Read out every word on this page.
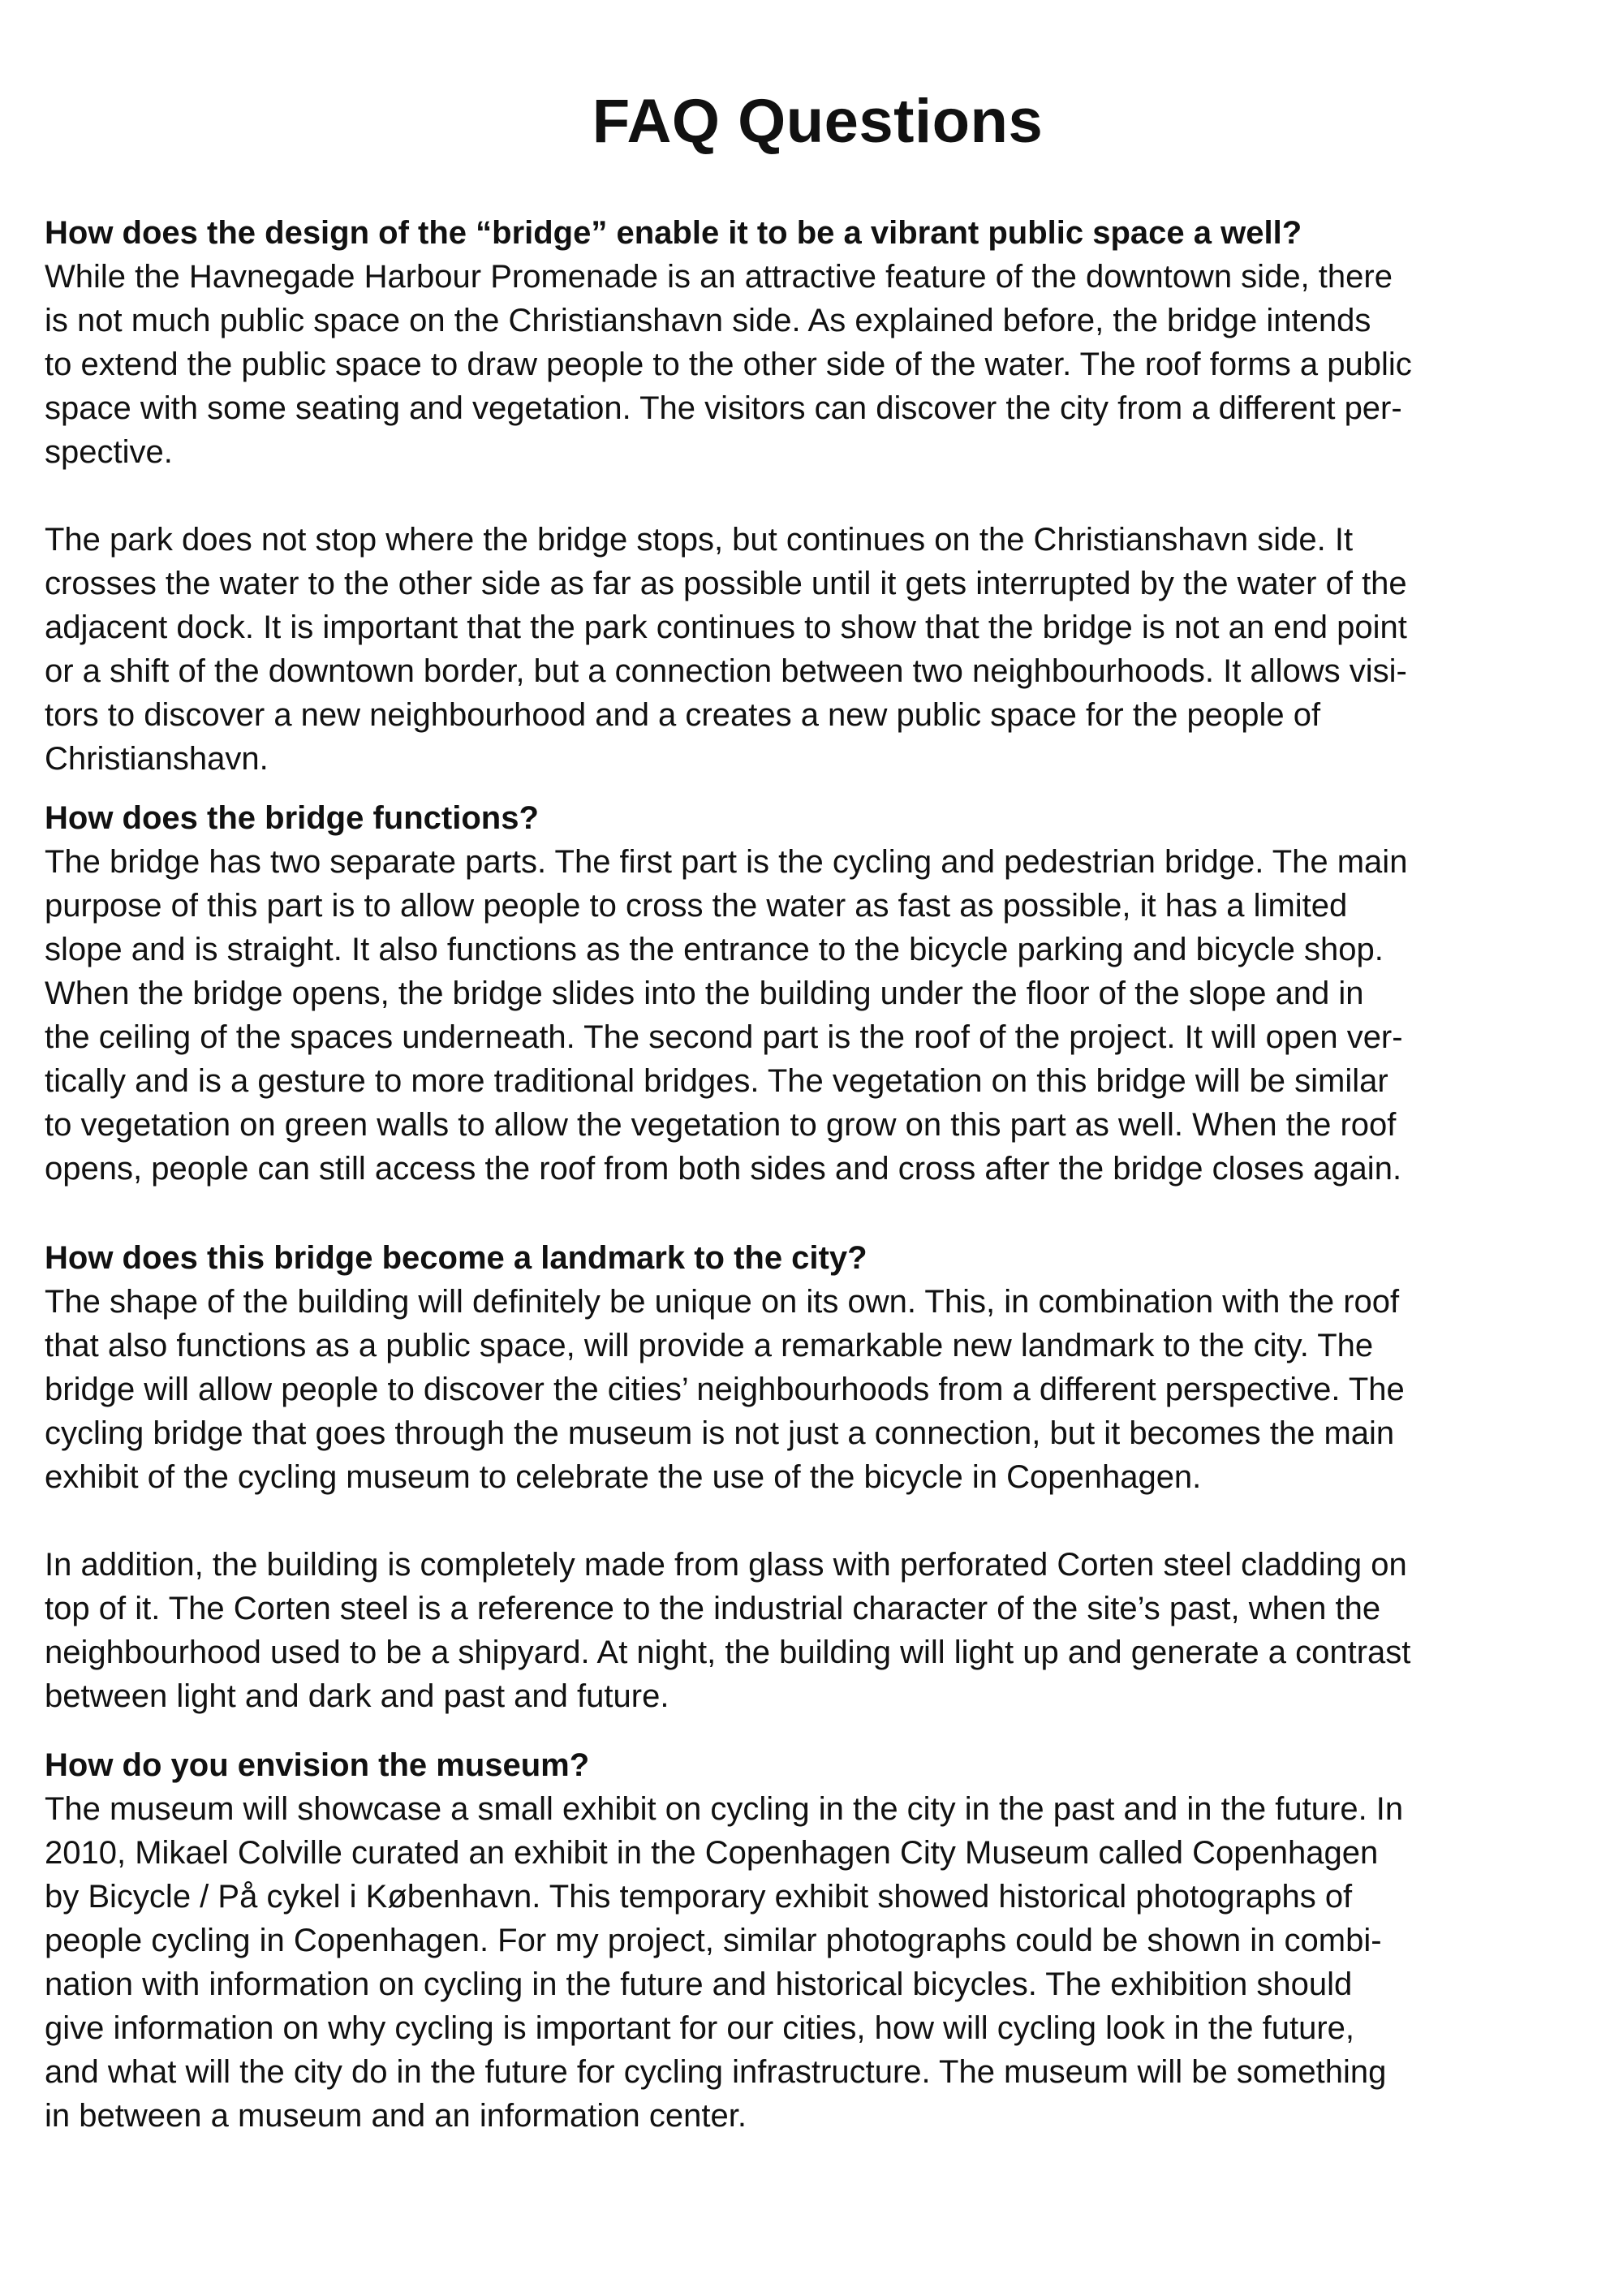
FAQ Questions
How does the design of the “bridge” enable it to be a vibrant public space a well?
While the Havnegade Harbour Promenade is an attractive feature of the downtown side, there
is not much public space on the Christianshavn side. As explained before, the bridge intends
to extend the public space to draw people to the other side of the water. The roof forms a public
space with some seating and vegetation. The visitors can discover the city from a different per-
spective.
The park does not stop where the bridge stops, but continues on the Christianshavn side. It
crosses the water to the other side as far as possible until it gets interrupted by the water of the
adjacent dock. It is important that the park continues to show that the bridge is not an end point
or a shift of the downtown border, but a connection between two neighbourhoods. It allows visi-
tors to discover a new neighbourhood and a creates a new public space for the people of
Christianshavn.
How does the bridge functions?
The bridge has two separate parts. The first part is the cycling and pedestrian bridge. The main
purpose of this part is to allow people to cross the water as fast as possible, it has a limited
slope and is straight. It also functions as the entrance to the bicycle parking and bicycle shop.
When the bridge opens, the bridge slides into the building under the floor of the slope and in
the ceiling of the spaces underneath. The second part is the roof of the project. It will open ver-
tically and is a gesture to more traditional bridges. The vegetation on this bridge will be similar
to vegetation on green walls to allow the vegetation to grow on this part as well. When the roof
opens, people can still access the roof from both sides and cross after the bridge closes again.
How does this bridge become a landmark to the city?
The shape of the building will definitely be unique on its own. This, in combination with the roof
that also functions as a public space, will provide a remarkable new landmark to the city. The
bridge will allow people to discover the cities’ neighbourhoods from a different perspective. The
cycling bridge that goes through the museum is not just a connection, but it becomes the main
exhibit of the cycling museum to celebrate the use of the bicycle in Copenhagen.
In addition, the building is completely made from glass with perforated Corten steel cladding on
top of it. The Corten steel is a reference to the industrial character of the site’s past, when the
neighbourhood used to be a shipyard. At night, the building will light up and generate a contrast
between light and dark and past and future.
How do you envision the museum?
The museum will showcase a small exhibit on cycling in the city in the past and in the future. In
2010, Mikael Colville curated an exhibit in the Copenhagen City Museum called Copenhagen
by Bicycle / På cykel i København. This temporary exhibit showed historical photographs of
people cycling in Copenhagen. For my project, similar photographs could be shown in combi-
nation with information on cycling in the future and historical bicycles. The exhibition should
give information on why cycling is important for our cities, how will cycling look in the future,
and what will the city do in the future for cycling infrastructure. The museum will be something
in between a museum and an information center.
